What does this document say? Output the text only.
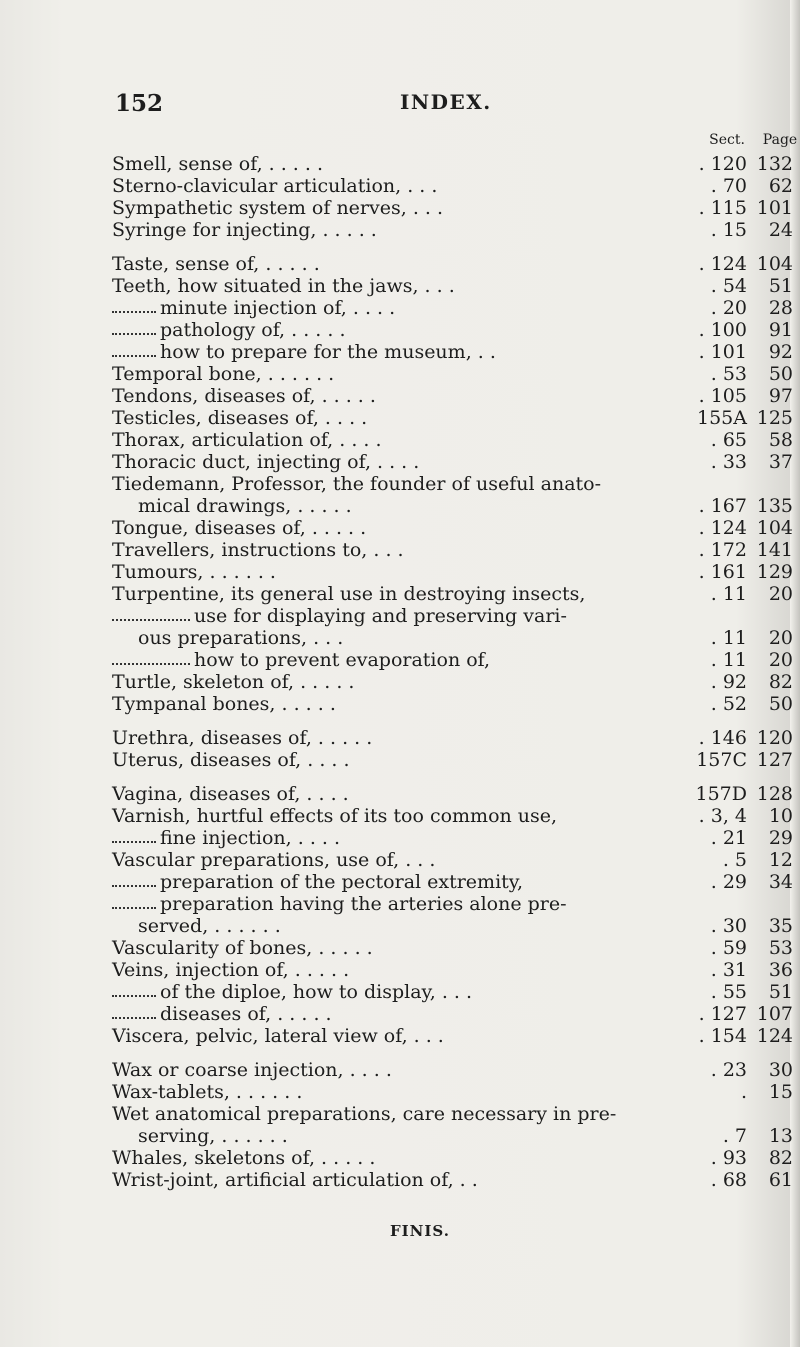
152	INDEX.
Sect. Page
Smell, sense of, . . . . .	. 120 132
Sterno-clavicular articulation, . . .	. 70	62
Sympathetic system of nerves, . . .	. 115 101
Syringe for injecting, . . . . .	. 15	24
Taste, sense of, . . . . .	. 124 104
Teeth, how situated in the jaws, . . .	. 54	51
minute injection of, . . . .	. 20	28
pathology of, . . . . .	. 100	91
how to prepare for the museum, . .	. 101	92
Temporal bone, . . . . . .	. 53	50
Tendons, diseases of, . . . . .	. 105	97
Testicles, diseases of, . . . .	155A 125
Thorax, articulation of, . . . .	. 65	58
Thoracic duct, injecting of, . . . .	. 33	37
Tiedemann, Professor, the founder of useful anato-
mical drawings, . . . . .	. 167 135
Tongue, diseases of, . . . . .	. 124 104
Travellers, instructions to, . . .	. 172 141
Tumours, . . . . . .	. 161 129
Turpentine, its general use in destroying insects,	. 11	20
use for displaying and preserving vari-
ous preparations, . . .	. 11	20
how to prevent evaporation of,	. 11	20
Turtle, skeleton of, . . . . .	. 92	82
Tympanal bones, . . . . .	. 52	50
Urethra, diseases of, . . . . .	. 146 120
Uterus, diseases of, . . . .	157C 127
Vagina, diseases of, . . . .	157D 128
Varnish, hurtful effects of its too common use,	. 3, 4	10
fine injection, . . . .	. 21	29
Vascular preparations, use of, . . .	. 5	12
preparation of the pectoral extremity,	. 29	34
preparation having the arteries alone pre-
served, . . . . . .	. 30	35
Vascularity of bones, . . . . .	. 59	53
Veins, injection of, . . . . .	. 31	36
of the diploe, how to display, . . .	. 55	51
diseases of, . . . . .	. 127 107
Viscera, pelvic, lateral view of, . . .	. 154 124
Wax or coarse injection, . . . .	. 23	30
Wax-tablets, . . . . . .	.	15
Wet anatomical preparations, care necessary in pre-
serving, . . . . . .	. 7	13
Whales, skeletons of, . . . . .	. 93	82
Wrist-joint, artificial articulation of, . .	. 68	61
FINIS.
